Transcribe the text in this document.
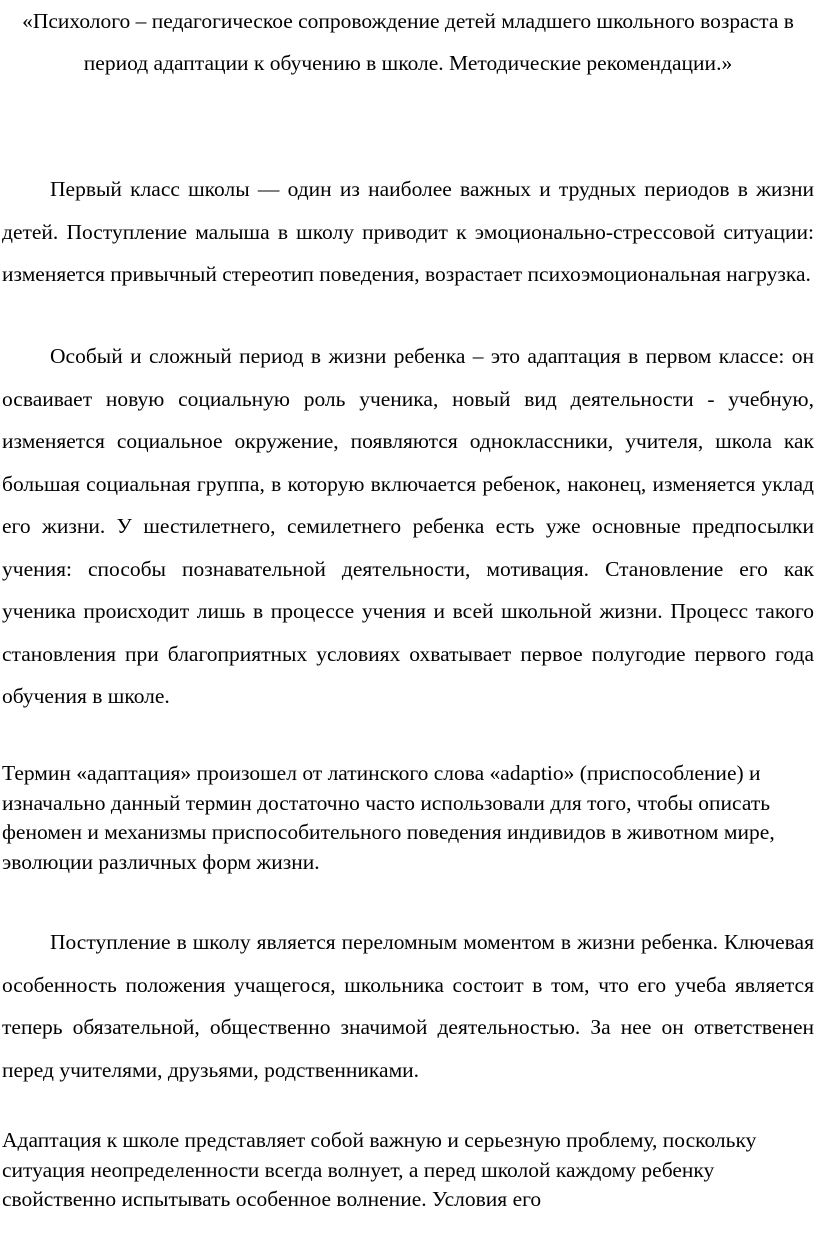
«Психолого – педагогическое сопровождение детей младшего школьного возраста в период адаптации к обучению в школе. Методические рекомендации.»

Первый класс школы — один из наиболее важных и трудных периодов в жизни детей. Поступление малыша в школу приводит к эмоционально-стрессовой ситуации: изменяется привычный стереотип поведения, возрастает психоэмоциональная нагрузка.

Особый и сложный период в жизни ребенка – это адаптация в первом классе: он осваивает новую социальную роль ученика, новый вид деятельности - учебную, изменяется социальное окружение, появляются одноклассники, учителя, школа как большая социальная группа, в которую включается ребенок, наконец, изменяется уклад его жизни. У шестилетнего, семилетнего ребенка есть уже основные предпосылки учения: способы познавательной деятельности, мотивация. Становление его как ученика происходит лишь в процессе учения и всей школьной жизни. Процесс такого становления при благоприятных условиях охватывает первое полугодие первого года обучения в школе.

Термин «адаптация» произошел от латинского слова «adaptio» (приспособление) и изначально данный термин достаточно часто использовали для того, чтобы описать феномен и механизмы приспособительного поведения индивидов в животном мире, эволюции различных форм жизни.

Поступление в школу является переломным моментом в жизни ребенка. Ключевая особенность положения учащегося, школьника состоит в том, что его учеба является теперь обязательной, общественно значимой деятельностью. За нее он ответственен перед учителями, друзьями, родственниками.

Адаптация к школе представляет собой важную и серьезную проблему, поскольку ситуация неопределенности всегда волнует, а перед школой каждому ребенку свойственно испытывать особенное волнение. Условия его
